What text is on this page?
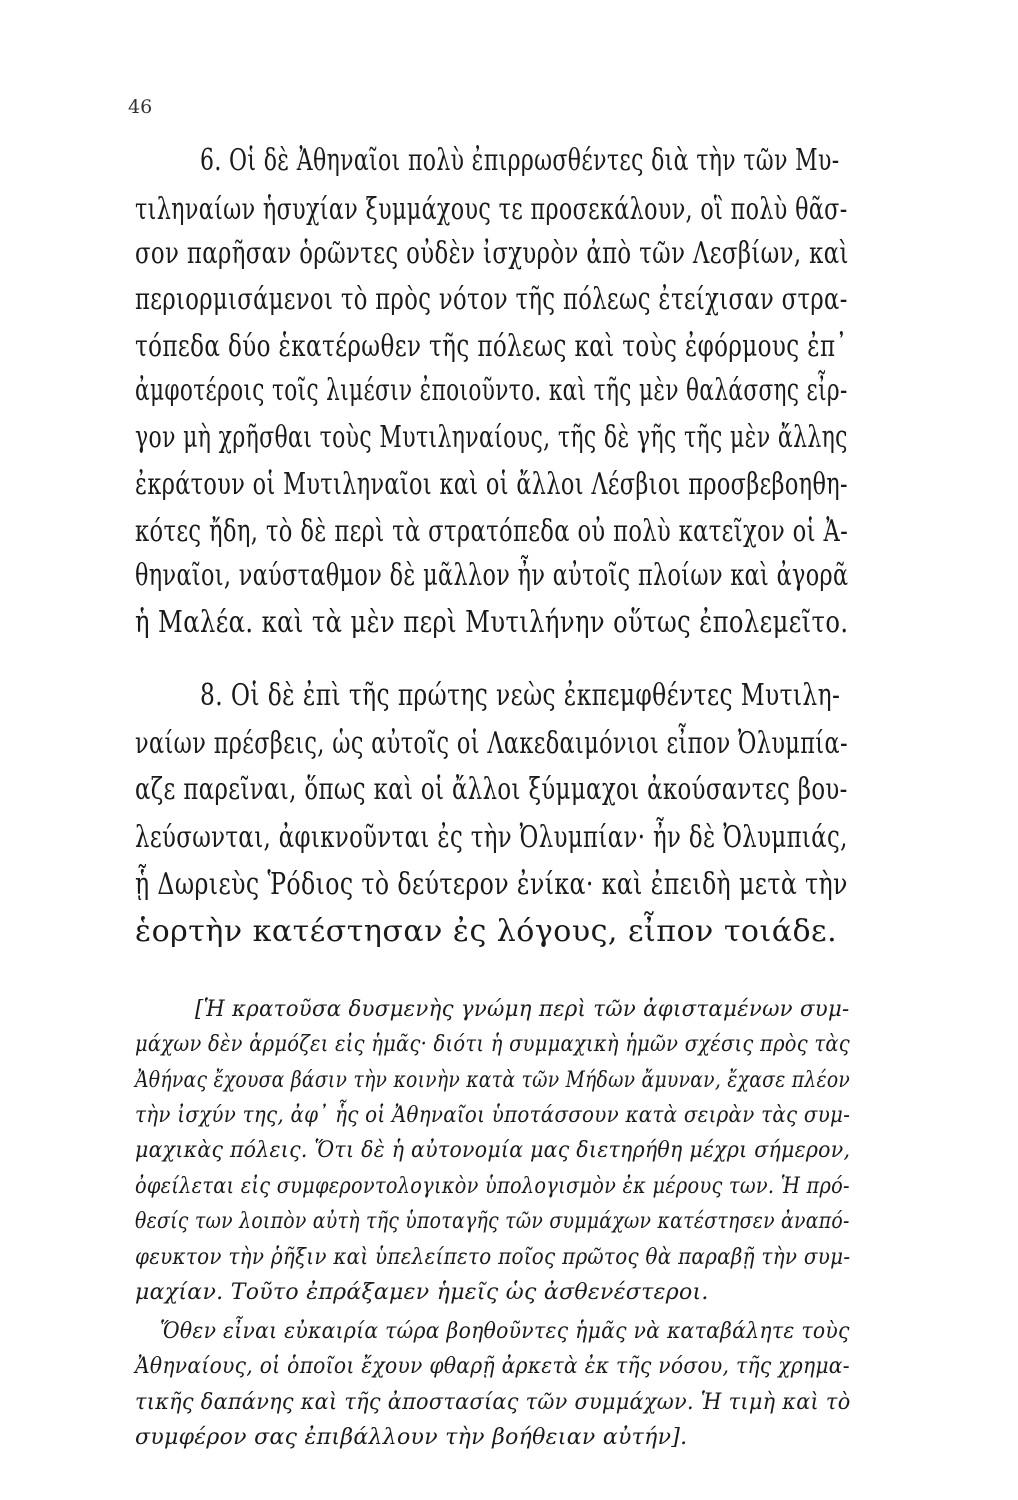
46
6. Οἱ δὲ Ἀθηναῖοι πολὺ ἐπιρρωσθέντες διὰ τὴν τῶν Μυ-
τιληναίων ἡσυχίαν ξυμμάχους τε προσεκάλουν, οἳ πολὺ θᾶσ-
σον παρῆσαν ὁρῶντες οὐδὲν ἰσχυρὸν ἀπὸ τῶν Λεσβίων, καὶ
περιορμισάμενοι τὸ πρὸς νότον τῆς πόλεως ἐτείχισαν στρα-
τόπεδα δύο ἑκατέρωθεν τῆς πόλεως καὶ τοὺς ἐφόρμους ἐπ᾽
ἀμφοτέροις τοῖς λιμέσιν ἐποιοῦντο. καὶ τῆς μὲν θαλάσσης εἶρ-
γον μὴ χρῆσθαι τοὺς Μυτιληναίους, τῆς δὲ γῆς τῆς μὲν ἄλλης
ἐκράτουν οἱ Μυτιληναῖοι καὶ οἱ ἄλλοι Λέσβιοι προσβεβοηθη-
κότες ἤδη, τὸ δὲ περὶ τὰ στρατόπεδα οὐ πολὺ κατεῖχον οἱ Ἀ-
θηναῖοι, ναύσταθμον δὲ μᾶλλον ἦν αὐτοῖς πλοίων καὶ ἀγορᾶ
ἡ Μαλέα. καὶ τὰ μὲν περὶ Μυτιλήνην οὕτως ἐπολεμεῖτο.
8. Οἱ δὲ ἐπὶ τῆς πρώτης νεὼς ἐκπεμφθέντες Μυτιλη-
ναίων πρέσβεις, ὡς αὐτοῖς οἱ Λακεδαιμόνιοι εἶπον Ὀλυμπία-
αζε παρεῖναι, ὅπως καὶ οἱ ἄλλοι ξύμμαχοι ἀκούσαντες βου-
λεύσωνται, ἀφικνοῦνται ἐς τὴν Ὀλυμπίαν· ἦν δὲ Ὀλυμπιάς,
ᾗ Δωριεὺς Ῥόδιος τὸ δεύτερον ἐνίκα· καὶ ἐπειδὴ μετὰ τὴν
ἑορτὴν κατέστησαν ἐς λόγους, εἶπον τοιάδε.
[Ἡ κρατοῦσα δυσμενὴς γνώμη περὶ τῶν ἀφισταμένων συμ-
μάχων δὲν ἁρμόζει εἰς ἡμᾶς· διότι ἡ συμμαχικὴ ἡμῶν σχέσις πρὸς τὰς
Ἀθήνας ἔχουσα βάσιν τὴν κοινὴν κατὰ τῶν Μήδων ἄμυναν, ἔχασε πλέον
τὴν ἰσχύν της, ἀφ᾽ ἧς οἱ Ἀθηναῖοι ὑποτάσσουν κατὰ σειρὰν τὰς συμ-
μαχικὰς πόλεις. Ὅτι δὲ ἡ αὐτονομία μας διετηρήθη μέχρι σήμερον,
ὀφείλεται εἰς συμφεροντολογικὸν ὑπολογισμὸν ἐκ μέρους των. Ἡ πρό-
θεσίς των λοιπὸν αὐτὴ τῆς ὑποταγῆς τῶν συμμάχων κατέστησεν ἀναπό-
φευκτον τὴν ῥῆξιν καὶ ὑπελείπετο ποῖος πρῶτος θὰ παραβῇ τὴν συμ-
μαχίαν. Τοῦτο ἐπράξαμεν ἡμεῖς ὡς ἀσθενέστεροι.
Ὅθεν εἶναι εὐκαιρία τώρα βοηθοῦντες ἡμᾶς νὰ καταβάλητε τοὺς
Ἀθηναίους, οἱ ὁποῖοι ἔχουν φθαρῇ ἀρκετὰ ἐκ τῆς νόσου, τῆς χρημα-
τικῆς δαπάνης καὶ τῆς ἀποστασίας τῶν συμμάχων. Ἡ τιμὴ καὶ τὸ
συμφέρον σας ἐπιβάλλουν τὴν βοήθειαν αὐτήν].
